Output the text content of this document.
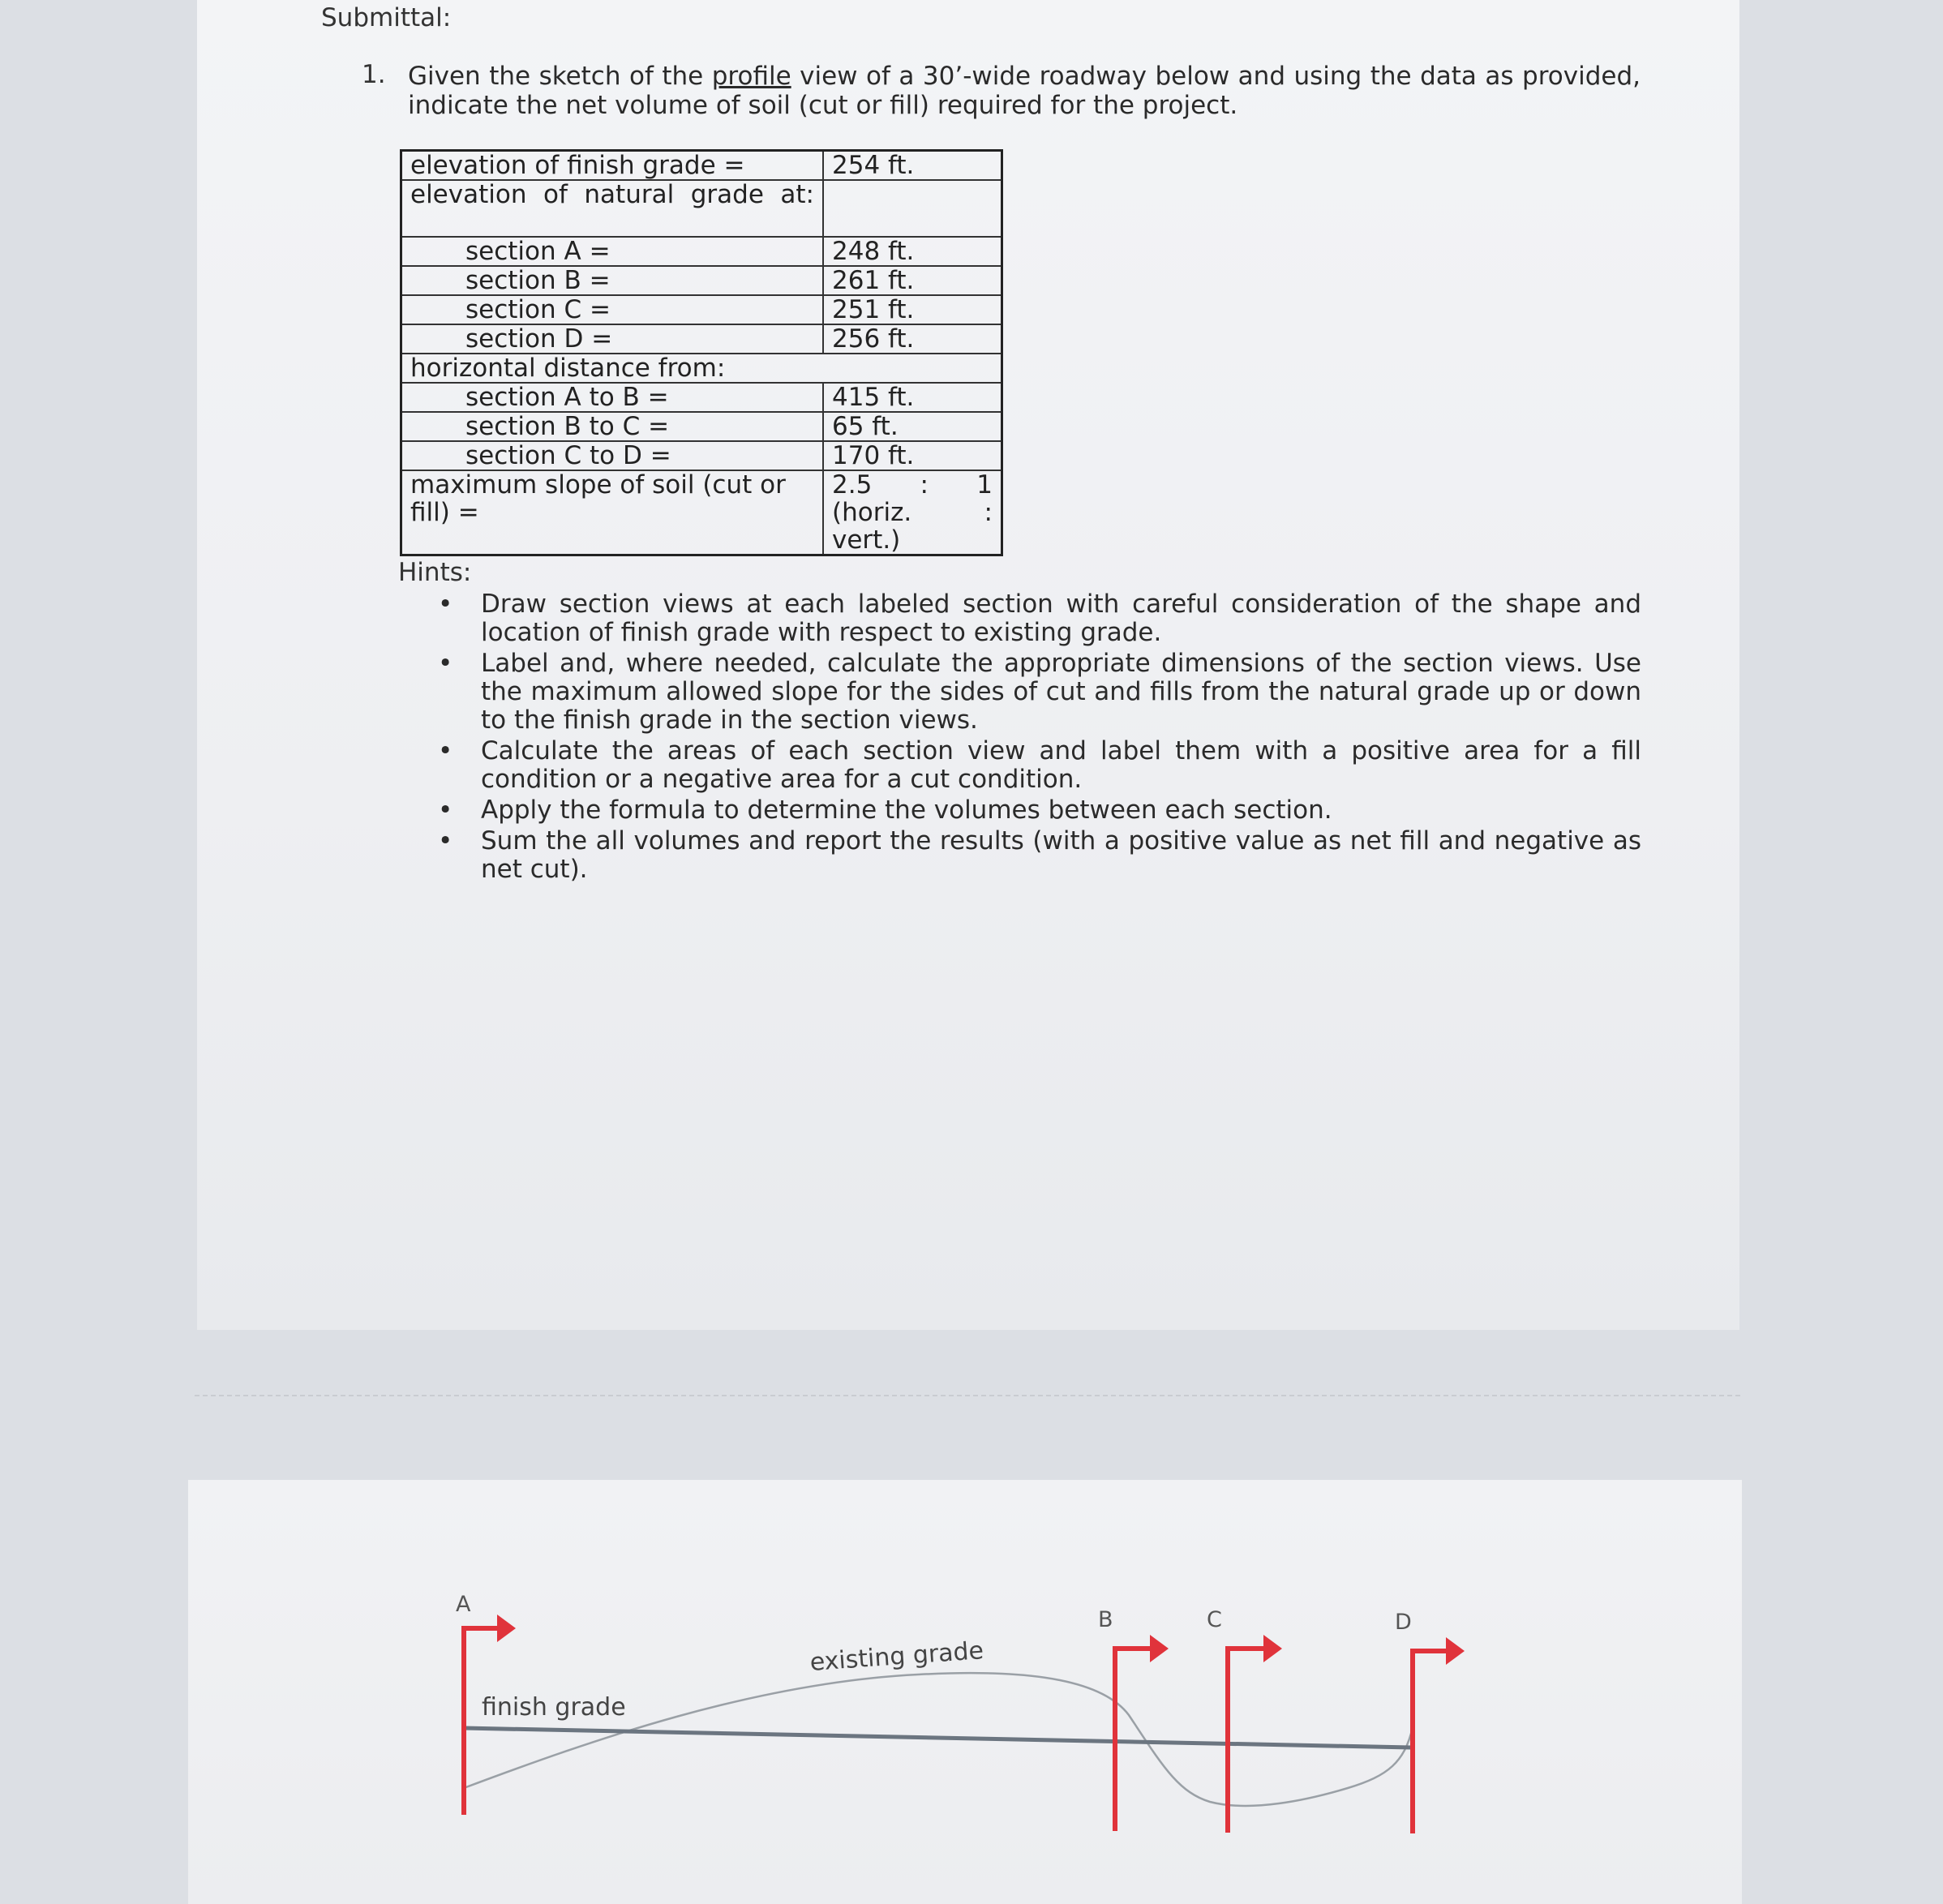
Submittal:
1. Given the sketch of the profile view of a 30’-wide roadway below and using the data as provided, indicate the net volume of soil (cut or fill) required for the project.
elevation of finish grade =	254 ft.
elevation of natural grade at:	
section A =	248 ft.
section B =	261 ft.
section C =	251 ft.
section D =	256 ft.
horizontal distance from:	
section A to B =	415 ft.
section B to C =	65 ft.
section C to D =	170 ft.
maximum slope of soil (cut or fill) =	2.5 : 1 (horiz. : vert.)
Hints:
• Draw section views at each labeled section with careful consideration of the shape and location of finish grade with respect to existing grade.
• Label and, where needed, calculate the appropriate dimensions of the section views. Use the maximum allowed slope for the sides of cut and fills from the natural grade up or down to the finish grade in the section views.
• Calculate the areas of each section view and label them with a positive area for a fill condition or a negative area for a cut condition.
• Apply the formula to determine the volumes between each section.
• Sum the all volumes and report the results (with a positive value as net fill and negative as net cut).
A
B	C	D
finish grade
existing grade
